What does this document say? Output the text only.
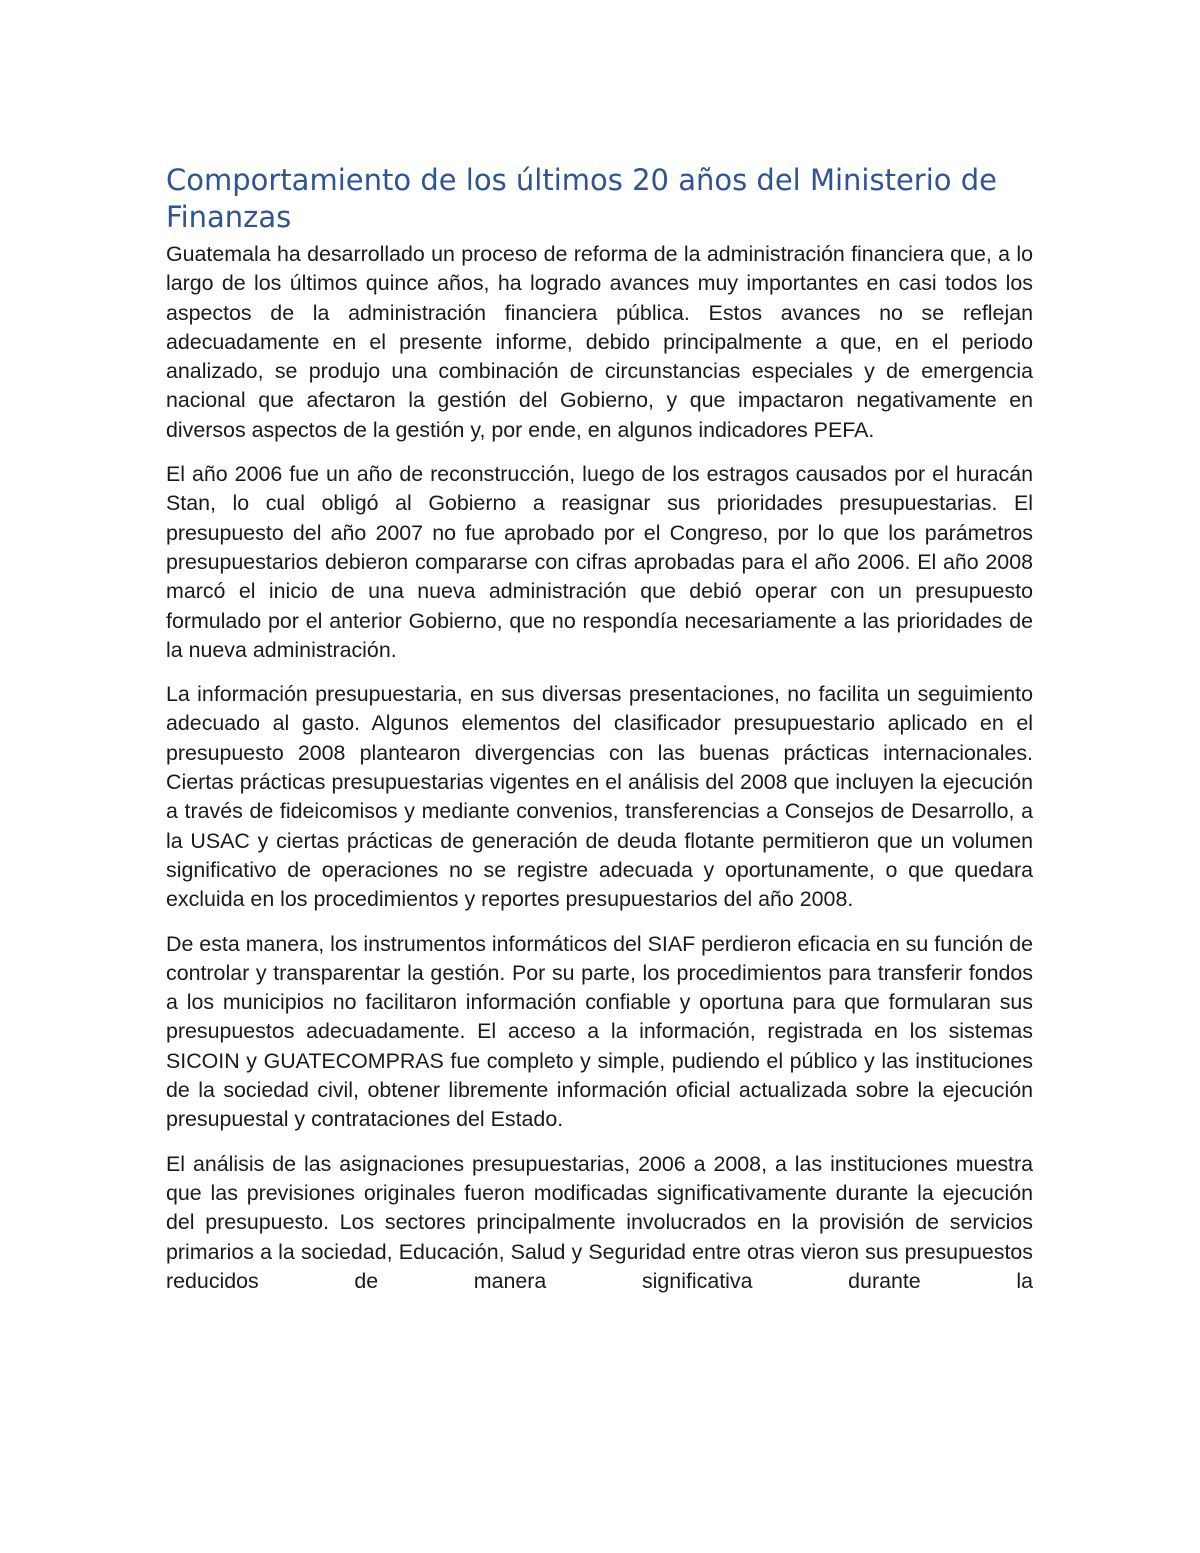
Comportamiento de los últimos 20 años del Ministerio de Finanzas

Guatemala ha desarrollado un proceso de reforma de la administración financiera que, a lo largo de los últimos quince años, ha logrado avances muy importantes en casi todos los aspectos de la administración financiera pública. Estos avances no se reflejan adecuadamente en el presente informe, debido principalmente a que, en el periodo analizado, se produjo una combinación de circunstancias especiales y de emergencia nacional que afectaron la gestión del Gobierno, y que impactaron negativamente en diversos aspectos de la gestión y, por ende, en algunos indicadores PEFA.

El año 2006 fue un año de reconstrucción, luego de los estragos causados por el huracán Stan, lo cual obligó al Gobierno a reasignar sus prioridades presupuestarias. El presupuesto del año 2007 no fue aprobado por el Congreso, por lo que los parámetros presupuestarios debieron compararse con cifras aprobadas para el año 2006. El año 2008 marcó el inicio de una nueva administración que debió operar con un presupuesto formulado por el anterior Gobierno, que no respondía necesariamente a las prioridades de la nueva administración.

La información presupuestaria, en sus diversas presentaciones, no facilita un seguimiento adecuado al gasto. Algunos elementos del clasificador presupuestario aplicado en el presupuesto 2008 plantearon divergencias con las buenas prácticas internacionales. Ciertas prácticas presupuestarias vigentes en el análisis del 2008 que incluyen la ejecución a través de fideicomisos y mediante convenios, transferencias a Consejos de Desarrollo, a la USAC y ciertas prácticas de generación de deuda flotante permitieron que un volumen significativo de operaciones no se registre adecuada y oportunamente, o que quedara excluida en los procedimientos y reportes presupuestarios del año 2008.

De esta manera, los instrumentos informáticos del SIAF perdieron eficacia en su función de controlar y transparentar la gestión. Por su parte, los procedimientos para transferir fondos a los municipios no facilitaron información confiable y oportuna para que formularan sus presupuestos adecuadamente. El acceso a la información, registrada en los sistemas SICOIN y GUATECOMPRAS fue completo y simple, pudiendo el público y las instituciones de la sociedad civil, obtener libremente información oficial actualizada sobre la ejecución presupuestal y contrataciones del Estado.

El análisis de las asignaciones presupuestarias, 2006 a 2008, a las instituciones muestra que las previsiones originales fueron modificadas significativamente durante la ejecución del presupuesto. Los sectores principalmente involucrados en la provisión de servicios primarios a la sociedad, Educación, Salud y Seguridad entre otras vieron sus presupuestos reducidos de manera significativa durante la
